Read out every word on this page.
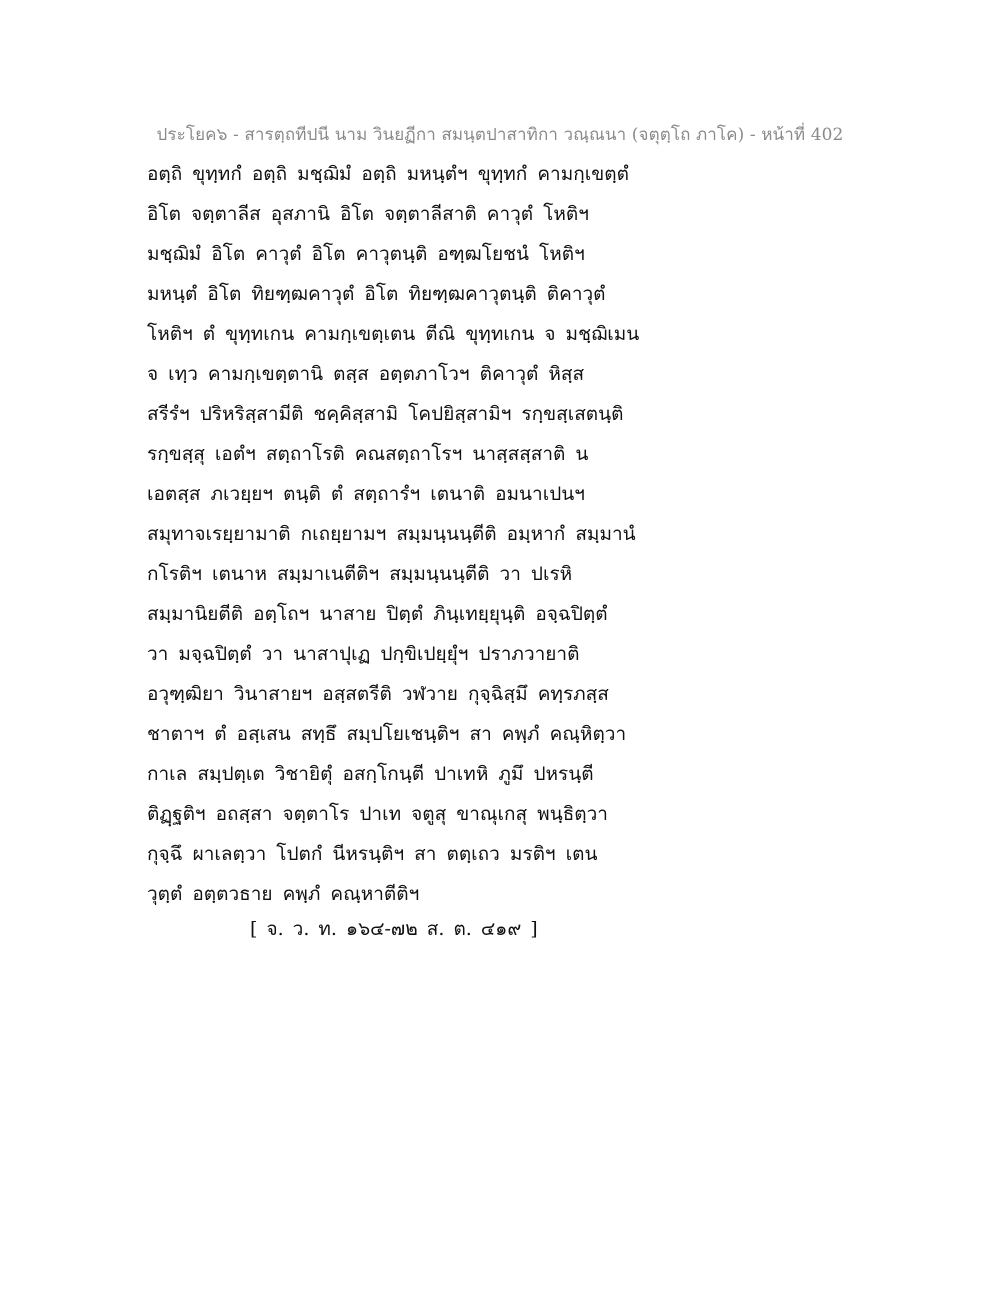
ประโยค๖ - สารตฺถทีปนี นาม วินยฏีกา สมนฺตปาสาทิกา วณฺณนา (จตุตฺโถ ภาโค) - หน้าที่ 402
อตฺถิ ขุทฺทกํ อตฺถิ มชฺฌิมํ อตฺถิ มหนฺตํฯ ขุทฺทกํ คามกฺเขตฺตํ
อิโต จตฺตาลีส อุสภานิ อิโต จตฺตาลีสาติ คาวุตํ โหติฯ
มชฺฌิมํ อิโต คาวุตํ อิโต คาวุตนฺติ อฑฺฒโยชนํ โหติฯ
มหนฺตํ อิโต ทิยฑฺฒคาวุตํ อิโต ทิยฑฺฒคาวุตนฺติ ติคาวุตํ
โหติฯ ตํ ขุทฺทเกน คามกฺเขตฺเตน ตีณิ ขุทฺทเกน จ มชฺฌิเมน
จ เทฺว คามกฺเขตฺตานิ ตสฺส อตฺตภาโวฯ ติคาวุตํ หิสฺส
สรีรํฯ ปริหริสฺสามีติ ชคฺคิสฺสามิ โคปยิสฺสามิฯ รกฺขสฺเสตนฺติ
รกฺขสฺสุ เอตํฯ สตฺถาโรติ คณสตฺถาโรฯ นาสฺสสฺสาติ น
เอตสฺส ภเวยฺยฯ ตนฺติ ตํ สตฺถารํฯ เตนาติ อมนาเปนฯ
สมุทาจเรยฺยามาติ กเถยฺยามฯ สมฺมนฺนนฺตีติ อมฺหากํ สมฺมานํ
กโรติฯ เตนาห สมฺมาเนตีติฯ สมฺมนฺนนฺตีติ วา ปเรหิ
สมฺมานิยตีติ อตฺโถฯ นาสาย ปิตฺตํ ภินฺเทยฺยุนฺติ อจฺฉปิตฺตํ
วา มจฺฉปิตฺตํ วา นาสาปุเฏ ปกฺขิเปยฺยุํฯ ปราภวายาติ
อวุฑฺฒิยา วินาสายฯ อสฺสตรีติ วฬวาย กุจฺฉิสฺมึ คทฺรภสฺส
ชาตาฯ ตํ อสฺเสน สทฺธึ สมฺปโยเชนฺติฯ สา คพฺภํ คณฺหิตฺวา
กาเล สมฺปตฺเต วิชายิตุํ อสกฺโกนฺตี ปาเทหิ ภูมึ ปหรนฺตี
ติฏฺฐติฯ อถสฺสา จตฺตาโร ปาเท จตูสุ ขาณุเกสุ พนฺธิตฺวา
กุจฺฉึ ผาเลตฺวา โปตกํ นีหรนฺติฯ สา ตตฺเถว มรติฯ เตน
วุตฺตํ อตฺตวธาย คพฺภํ คณฺหาตีติฯ
[ จ. ว. ท. ๑๖๔-๗๒ ส. ต. ๔๑๙ ]
